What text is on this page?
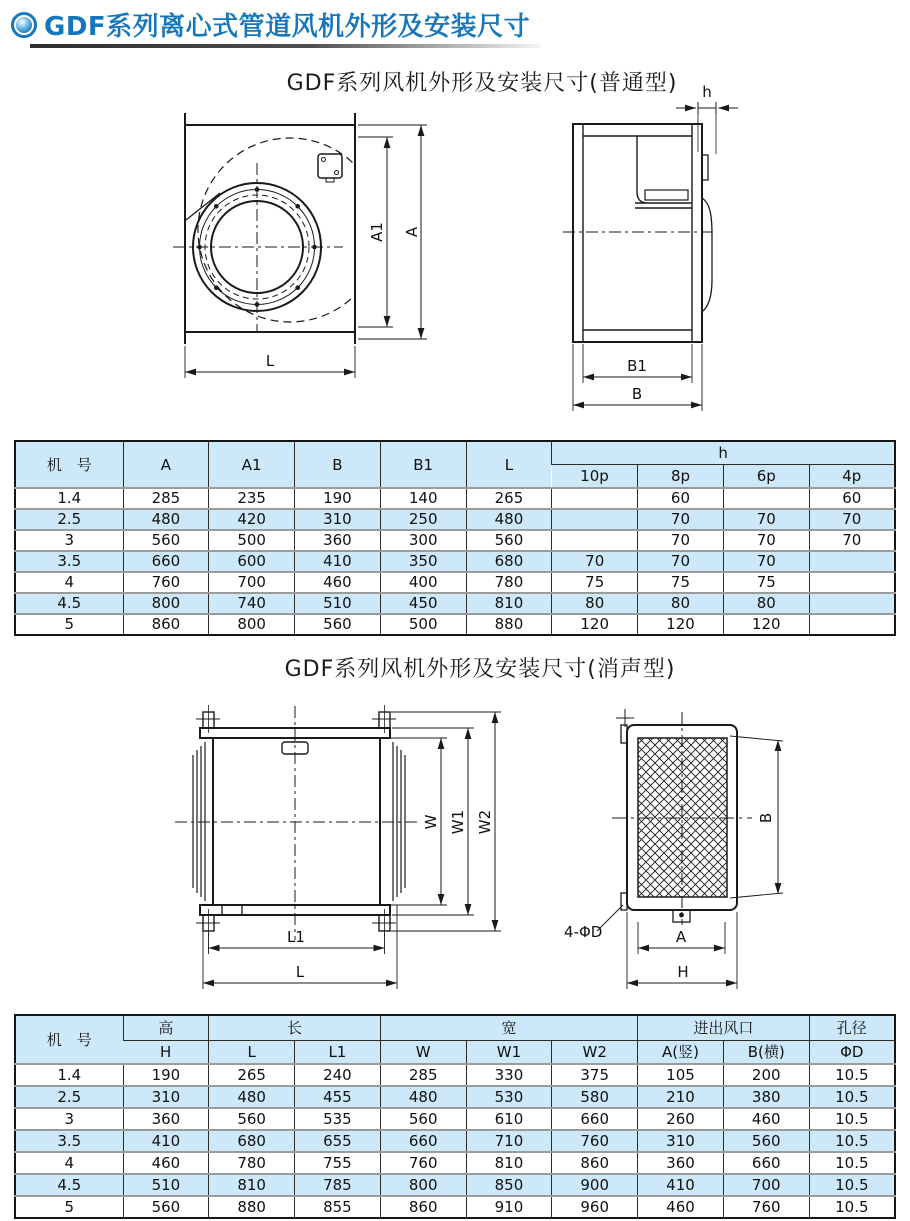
GDF系列离心式管道风机外形及安装尺寸
GDF系列风机外形及安装尺寸(普通型)
A1 A
L
h
B1
B
机　号	A	A1	B	B1	L	h			
						10p	8p	6p	4p
1.4	285	235	190	140	265		60		60
2.5	480	420	310	250	480		70	70	70
3	560	500	360	300	560		70	70	70
3.5	660	600	410	350	680	70	70	70	
4	760	700	460	400	780	75	75	75	
4.5	800	740	510	450	810	80	80	80	
5	860	800	560	500	880	120	120	120	
GDF系列风机外形及安装尺寸(消声型)
W W1 W2
L1
L
B
4-ΦD	A
H
机　号	高	长		宽			进出风口		孔径
	H	L	L1	W	W1	W2	A(竖)	B(横)	ΦD
1.4	190	265	240	285	330	375	105	200	10.5
2.5	310	480	455	480	530	580	210	380	10.5
3	360	560	535	560	610	660	260	460	10.5
3.5	410	680	655	660	710	760	310	560	10.5
4	460	780	755	760	810	860	360	660	10.5
4.5	510	810	785	800	850	900	410	700	10.5
5	560	880	855	860	910	960	460	760	10.5
